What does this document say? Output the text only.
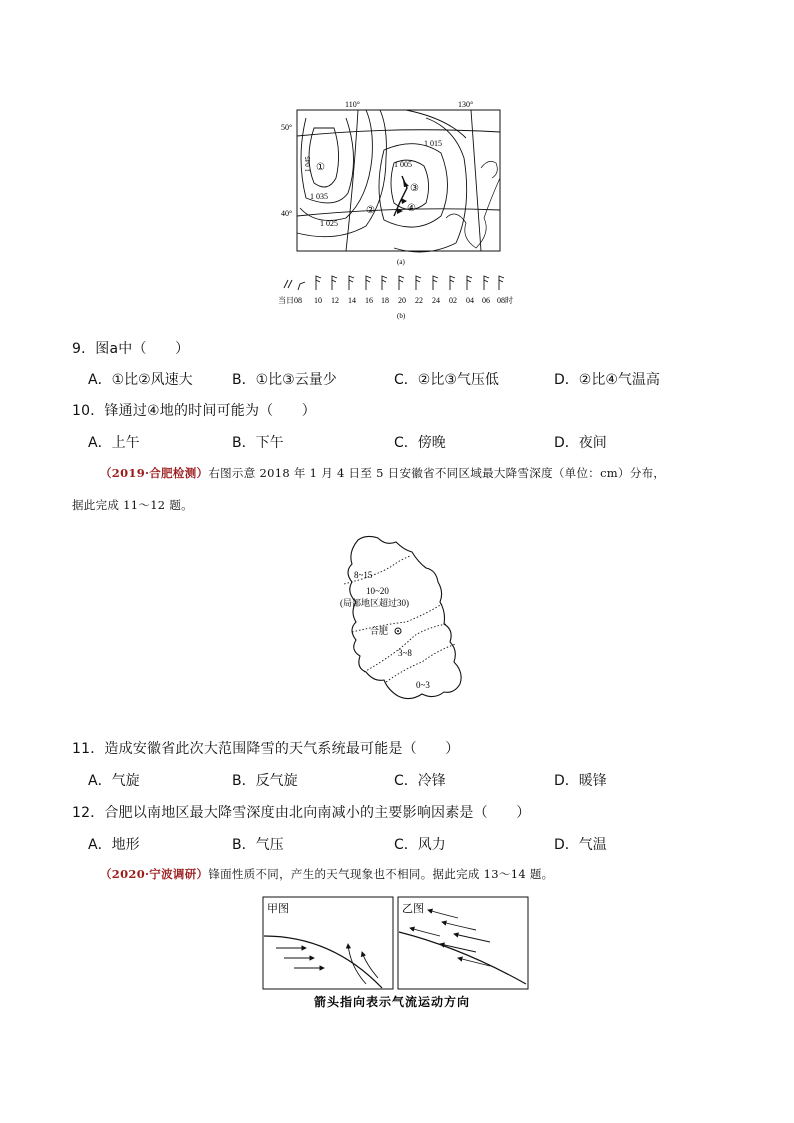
110°	130°
50°
40°
1 045
1 035
1 025
1 015
1 005
①
②
③
④
(a)
当日08 10 12 14 16 18 20 22 24 02 04 06 08时
(b)
9．图a中（　　）
A．①比②风速大	B．①比③云量少	C．②比③气压低	D．②比④气温高
10．锋通过④地的时间可能为（　　）
A．上午	B．下午	C．傍晚	D．夜间
（2019·合肥检测）右图示意 2018 年 1 月 4 日至 5 日安徽省不同区域最大降雪深度（单位：cm）分布，
据此完成 11～12 题。
8~15
10~20
(局部地区超过30)
合肥
3~8
0~3
11．造成安徽省此次大范围降雪的天气系统最可能是（　　）
A．气旋	B．反气旋	C．冷锋	D．暖锋
12．合肥以南地区最大降雪深度由北向南减小的主要影响因素是（　　）
A．地形	B．气压	C．风力	D．气温
（2020·宁波调研）锋面性质不同，产生的天气现象也不相同。据此完成 13～14 题。
甲图	乙图
箭头指向表示气流运动方向
